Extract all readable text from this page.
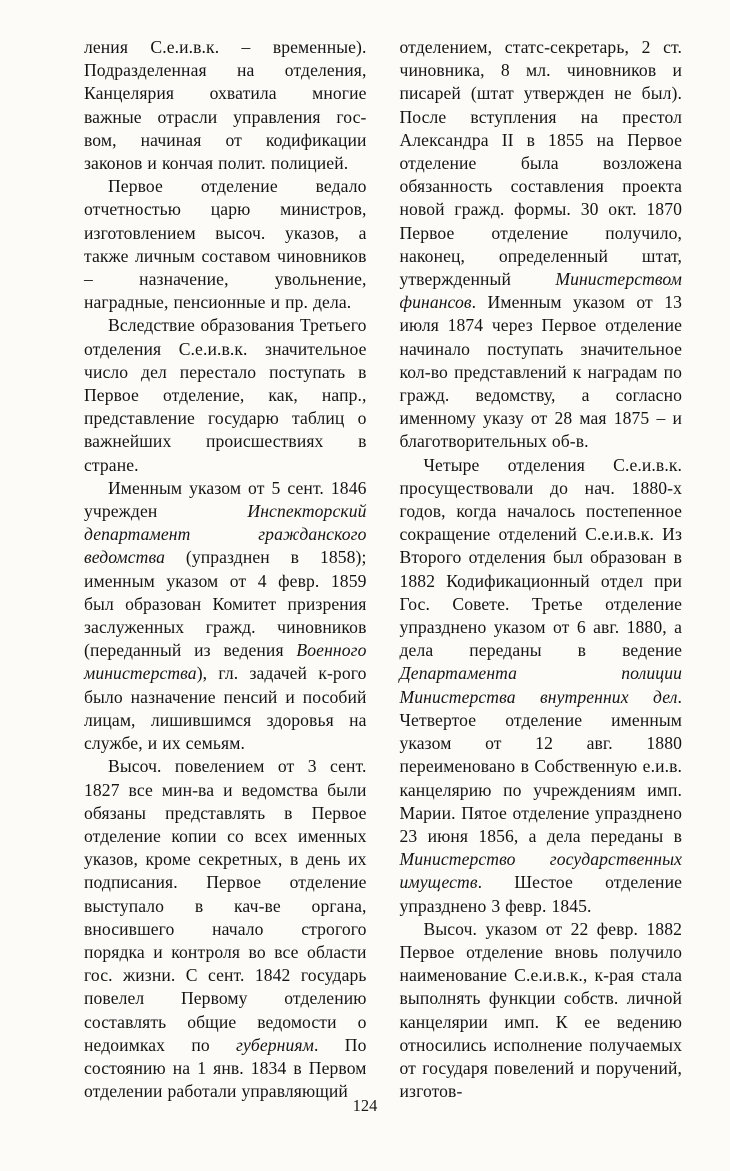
ления С.е.и.в.к. – временные). Подразделенная на отделения, Канцелярия охватила многие важные отрасли управления гос-вом, начиная от кодификации законов и кончая полит. полицией.

Первое отделение ведало отчетностью царю министров, изготовлением высоч. указов, а также личным составом чиновников – назначение, увольнение, наградные, пенсионные и пр. дела.

Вследствие образования Третьего отделения С.е.и.в.к. значительное число дел перестало поступать в Первое отделение, как, напр., представление государю таблиц о важнейших происшествиях в стране.

Именным указом от 5 сент. 1846 учрежден Инспекторский департамент гражданского ведомства (упразднен в 1858); именным указом от 4 февр. 1859 был образован Комитет призрения заслуженных гражд. чиновников (переданный из ведения Военного министерства), гл. задачей к-рого было назначение пенсий и пособий лицам, лишившимся здоровья на службе, и их семьям.

Высоч. повелением от 3 сент. 1827 все мин-ва и ведомства были обязаны представлять в Первое отделение копии со всех именных указов, кроме секретных, в день их подписания. Первое отделение выступало в кач-ве органа, вносившего начало строгого порядка и контроля во все области гос. жизни. С сент. 1842 государь повелел Первому отделению составлять общие ведомости о недоимках по губерниям. По состоянию на 1 янв. 1834 в Первом отделении работали управляющий

отделением, статс-секретарь, 2 ст. чиновника, 8 мл. чиновников и писарей (штат утвержден не был). После вступления на престол Александра II в 1855 на Первое отделение была возложена обязанность составления проекта новой гражд. формы. 30 окт. 1870 Первое отделение получило, наконец, определенный штат, утвержденный Министерством финансов. Именным указом от 13 июля 1874 через Первое отделение начинало поступать значительное кол-во представлений к наградам по гражд. ведомству, а согласно именному указу от 28 мая 1875 – и благотворительных об-в.

Четыре отделения С.е.и.в.к. просуществовали до нач. 1880-х годов, когда началось постепенное сокращение отделений С.е.и.в.к. Из Второго отделения был образован в 1882 Кодификационный отдел при Гос. Совете. Третье отделение упразднено указом от 6 авг. 1880, а дела переданы в ведение Департамента полиции Министерства внутренних дел. Четвертое отделение именным указом от 12 авг. 1880 переименовано в Собственную е.и.в. канцелярию по учреждениям имп. Марии. Пятое отделение упразднено 23 июня 1856, а дела переданы в Министерство государственных имуществ. Шестое отделение упразднено 3 февр. 1845.

Высоч. указом от 22 февр. 1882 Первое отделение вновь получило наименование С.е.и.в.к., к-рая стала выполнять функции собств. личной канцелярии имп. К ее ведению относились исполнение получаемых от государя повелений и поручений, изготов-

124
